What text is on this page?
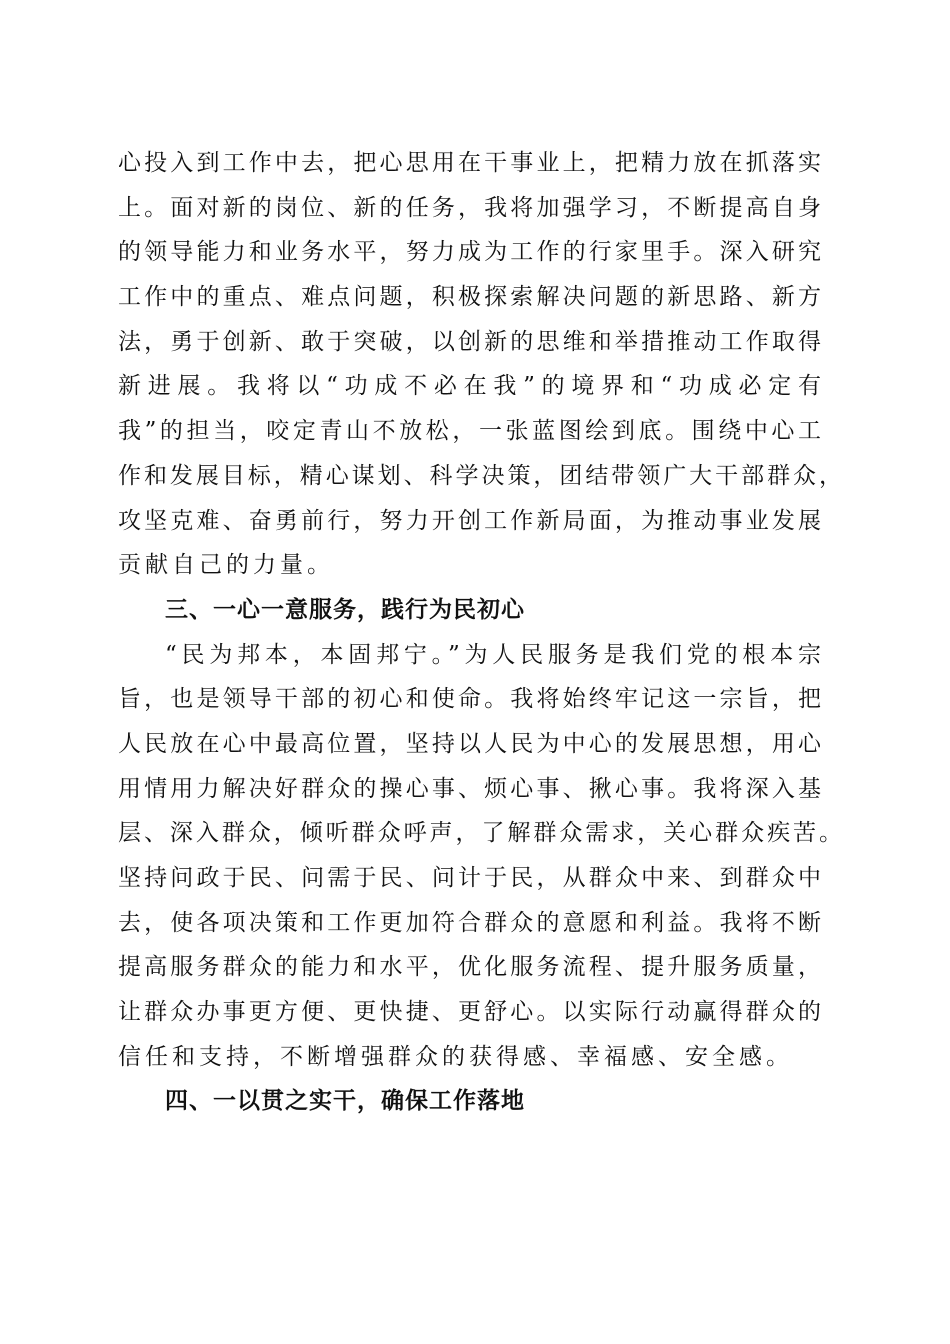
心投入到工作中去，把心思用在干事业上，把精力放在抓落实
上。面对新的岗位、新的任务，我将加强学习，不断提高自身
的领导能力和业务水平，努力成为工作的行家里手。深入研究
工作中的重点、难点问题，积极探索解决问题的新思路、新方
法，勇于创新、敢于突破，以创新的思维和举措推动工作取得
新进展。我将以“功成不必在我”的境界和“功成必定有
我”的担当，咬定青山不放松，一张蓝图绘到底。围绕中心工
作和发展目标，精心谋划、科学决策，团结带领广大干部群众，
攻坚克难、奋勇前行，努力开创工作新局面，为推动事业发展
贡献自己的力量。
三、一心一意服务，践行为民初心
“民为邦本，本固邦宁。”为人民服务是我们党的根本宗
旨，也是领导干部的初心和使命。我将始终牢记这一宗旨，把
人民放在心中最高位置，坚持以人民为中心的发展思想，用心
用情用力解决好群众的操心事、烦心事、揪心事。我将深入基
层、深入群众，倾听群众呼声，了解群众需求，关心群众疾苦。
坚持问政于民、问需于民、问计于民，从群众中来、到群众中
去，使各项决策和工作更加符合群众的意愿和利益。我将不断
提高服务群众的能力和水平，优化服务流程、提升服务质量，
让群众办事更方便、更快捷、更舒心。以实际行动赢得群众的
信任和支持，不断增强群众的获得感、幸福感、安全感。
四、一以贯之实干，确保工作落地
